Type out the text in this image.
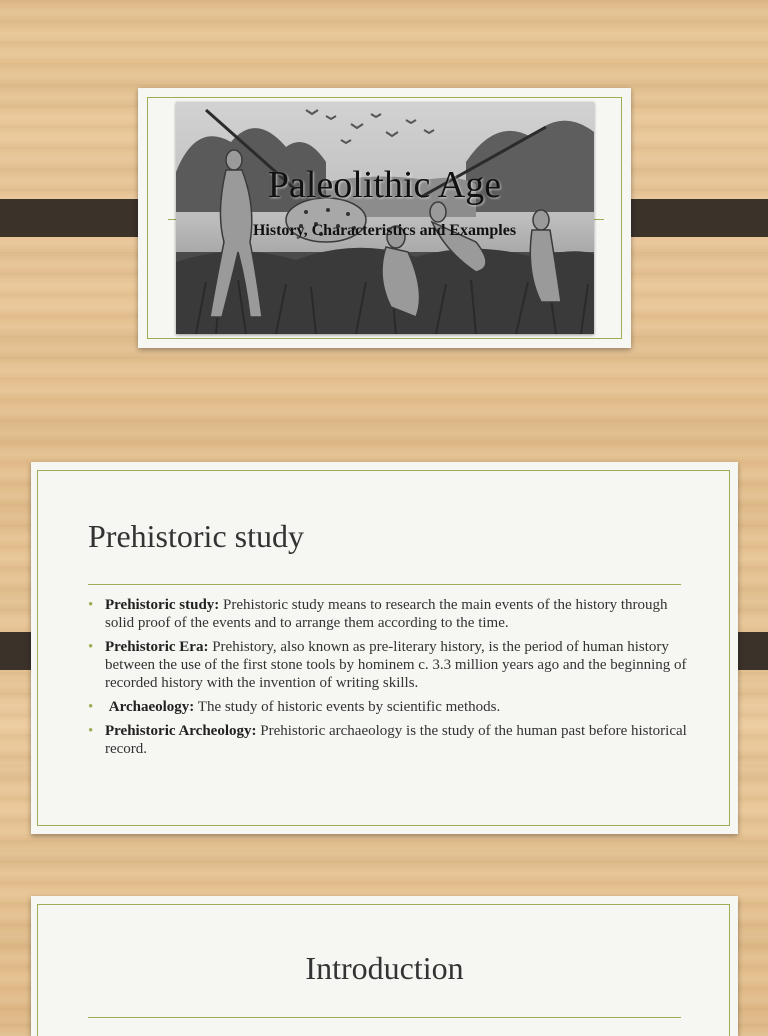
Paleolithic Age
History, Characteristics and Examples
Prehistoric study
• Prehistoric study: Prehistoric study means to research the main events of the history through solid proof of the events and to arrange them according to the time.
• Prehistoric Era: Prehistory, also known as pre-literary history, is the period of human history between the use of the first stone tools by hominem c. 3.3 million years ago and the beginning of recorded history with the invention of writing skills.
• Archaeology: The study of historic events by scientific methods.
• Prehistoric Archeology: Prehistoric archaeology is the study of the human past before historical record.
Introduction
